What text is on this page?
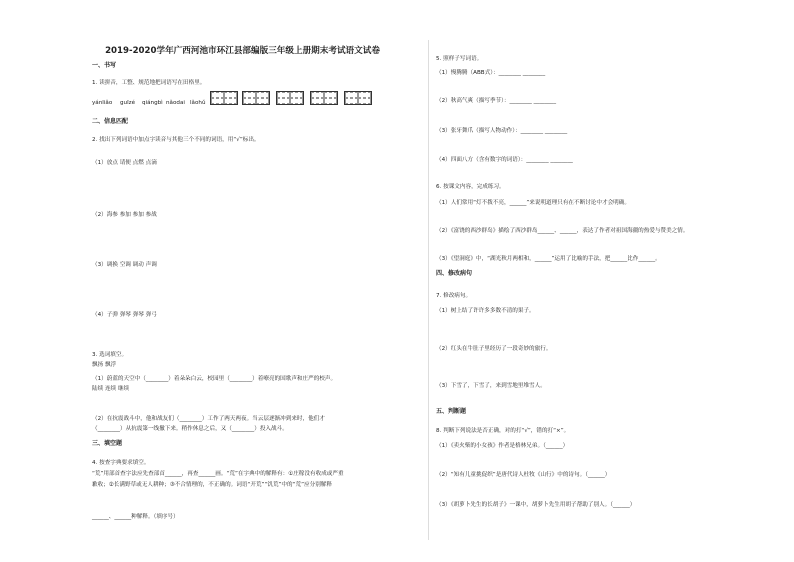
2019-2020学年广西河池市环江县部编版三年级上册期末考试语文试卷
一、书写
1. 读拼音，工整、规范地把词语写在田格里。
yánliǎo guīzé qiángbì nǎodai lǎohǔ
二、信息匹配
2. 找出下列词语中加点字读音与其他三个不同的词语，用“√”标出。
（1）放点 请便 点燃 点滴
（2）海参 参加 参加 参战
（3）调换 空调 调动 声调
（4）子弹 弹琴 弹琴 弹弓
3. 选词填空。
飘扬 飘浮
（1）蔚蓝的天空中（________）着朵朵白云，校园里（________）着嘹亮的国歌声和庄严的校声。
陆续 连续 继续
（2）在抗震战斗中，他和战友们（________）工作了两天两夜。当云层逐渐冲到来时，他们才
（________）从抗震第一线撤下来。稍作休息之后，又（________）投入战斗。
三、填空题
4. 按查字典要求填空。
“荒”用部首查字法应先查部首______，再查______画。“荒”在字典中的解释有：①庄稼没有收成或严重
歉收；②长满野草或无人耕种；③不合情理的，不正确的。词语“开荒”“饥荒”中的“荒”应分别解释
______、______种解释。（填序号）
5. 照样子写词语。
（1）慢腾腾（ABB式）：________ ________
（2）秋高气爽（描写季节）：________ ________
（3）张牙舞爪（描写人物动作）：________ ________
（4）四面八方（含有数字的词语）：________ ________
6. 按课文内容，完成练习。
（1）人们常用“灯不拨不亮，______”来说明道理只有在不断讨论中才会明确。
（2）《富饶的西沙群岛》描绘了西沙群岛______、______，表达了作者对祖国海疆的热爱与赞美之情。
（3）《望洞庭》中，“湖光秋月两相和，______”运用了比喻的手法，把______比作______。
四、修改病句
7. 修改病句。
（1）树上结了许许多多数不清的果子。
（2）红头在牛肚子里经历了一段奇妙的旅行。
（3）下雪了，下雪了，来到雪地里堆雪人。
五、判断题
8. 判断下列说法是否正确，对的打“√”，错的打“×”。
（1）《卖火柴的小女孩》作者是格林兄弟。（______）
（2）“知有儿童挑促织”是唐代诗人杜牧《山行》中的诗句。（______）
（3）《胡萝卜先生的长胡子》一课中，胡萝卜先生用胡子帮助了别人。（______）
